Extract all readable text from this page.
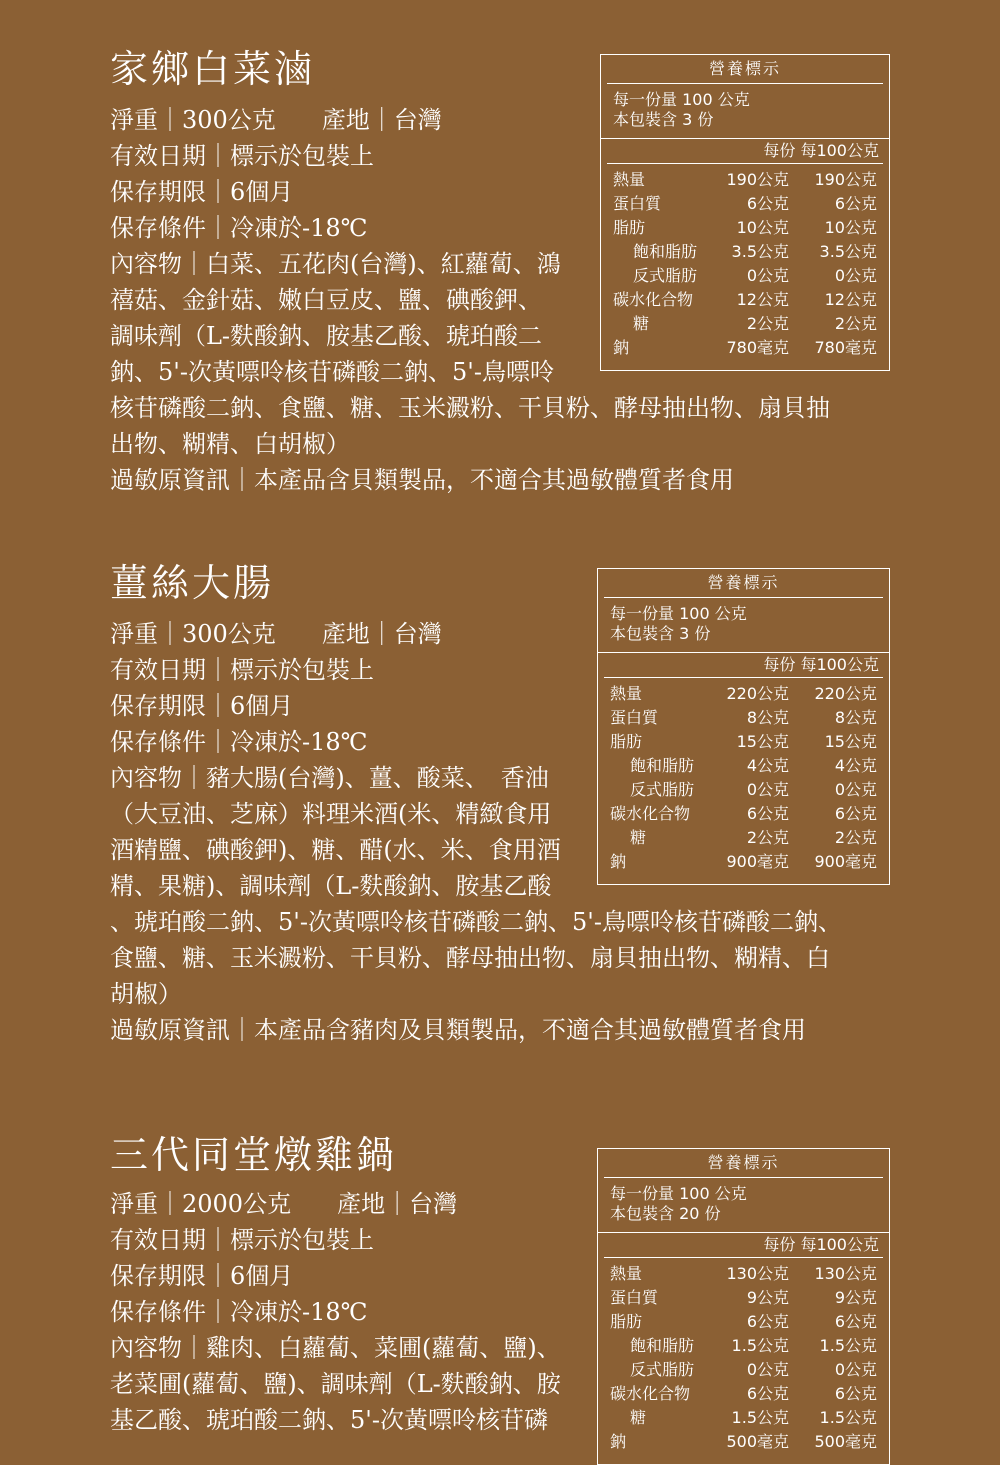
家鄉白菜滷
淨重｜300公克 產地｜台灣
有效日期｜標示於包裝上
保存期限｜6個月
保存條件｜冷凍於-18℃
內容物｜白菜、五花肉(台灣)、紅蘿蔔、鴻
禧菇、金針菇、嫩白豆皮、鹽、碘酸鉀、
調味劑（L-麩酸鈉、胺基乙酸、琥珀酸二
鈉、5'-次黃嘌呤核苷磷酸二鈉、5'-鳥嘌呤
核苷磷酸二鈉、食鹽、糖、玉米澱粉、干貝粉、酵母抽出物、扇貝抽
出物、糊精、白胡椒）
過敏原資訊｜本產品含貝類製品，不適合其過敏體質者食用
營養標示
每一份量 100 公克
本包裝含 3 份
每份 每100公克
熱量	190公克 190公克
蛋白質	6公克	6公克
脂肪	10公克 10公克
飽和脂肪 3.5公克 3.5公克
反式脂肪	0公克	0公克
碳水化合物	12公克 12公克
糖	2公克	2公克
鈉	780毫克 780毫克
薑絲大腸
淨重｜300公克 產地｜台灣
有效日期｜標示於包裝上
保存期限｜6個月
保存條件｜冷凍於-18℃
內容物｜豬大腸(台灣)、薑、酸菜、　香油
（大豆油、芝麻）料理米酒(米、精緻食用
酒精鹽、碘酸鉀)、糖、醋(水、米、食用酒
精、果糖)、調味劑（L-麩酸鈉、胺基乙酸
、琥珀酸二鈉、5'-次黃嘌呤核苷磷酸二鈉、5'-鳥嘌呤核苷磷酸二鈉、
食鹽、糖、玉米澱粉、干貝粉、酵母抽出物、扇貝抽出物、糊精、白
胡椒）
過敏原資訊｜本產品含豬肉及貝類製品，不適合其過敏體質者食用
營養標示
每一份量 100 公克
本包裝含 3 份
每份 每100公克
熱量	220公克 220公克
蛋白質	8公克	8公克
脂肪	15公克 15公克
飽和脂肪	4公克	4公克
反式脂肪	0公克	0公克
碳水化合物	6公克	6公克
糖	2公克	2公克
鈉	900毫克 900毫克
三代同堂燉雞鍋
淨重｜2000公克 產地｜台灣
有效日期｜標示於包裝上
保存期限｜6個月
保存條件｜冷凍於-18℃
內容物｜雞肉、白蘿蔔、菜圃(蘿蔔、鹽)、
老菜圃(蘿蔔、鹽)、調味劑（L-麩酸鈉、胺
基乙酸、琥珀酸二鈉、5'-次黃嘌呤核苷磷
營養標示
每一份量 100 公克
本包裝含 20 份
每份 每100公克
熱量	130公克 130公克
蛋白質	9公克	9公克
脂肪	6公克	6公克
飽和脂肪 1.5公克 1.5公克
反式脂肪	0公克	0公克
碳水化合物	6公克	6公克
糖	1.5公克 1.5公克
鈉	500毫克 500毫克
